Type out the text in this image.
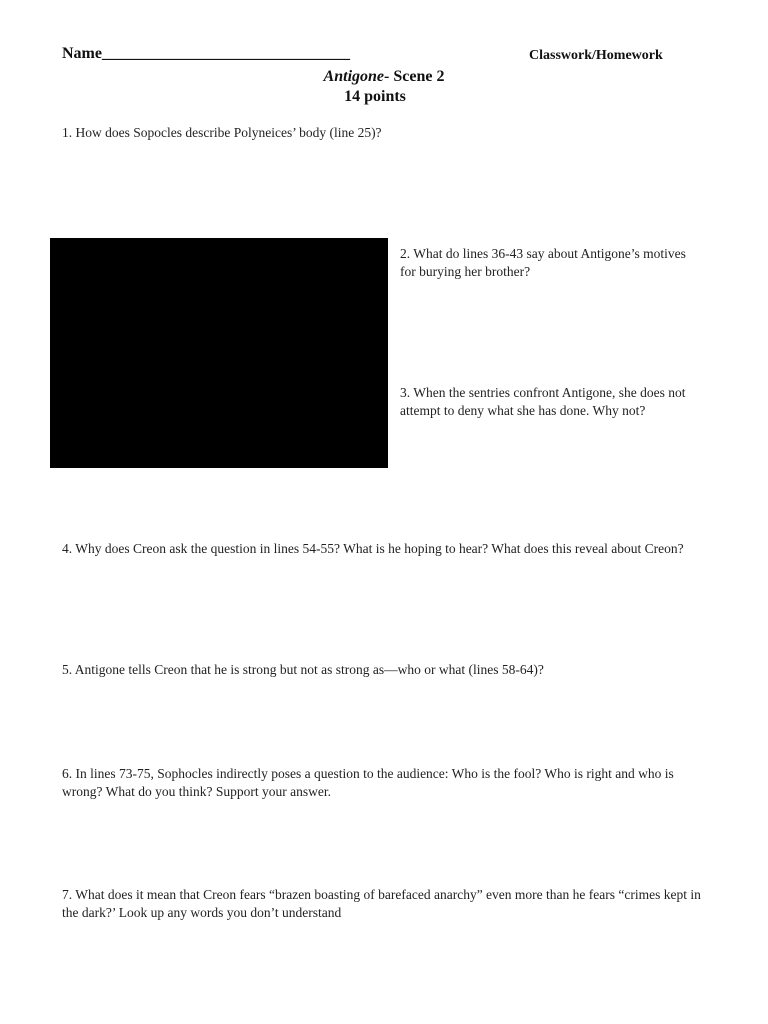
Name_______________________________	Classwork/Homework
Antigone- Scene 2
14 points
1. How does Sopocles describe Polyneices’ body (line 25)?
2. What do lines 36-43 say about Antigone’s motives for burying her brother?
3. When the sentries confront Antigone, she does not attempt to deny what she has done. Why not?
4. Why does Creon ask the question in lines 54-55? What is he hoping to hear? What does this reveal about Creon?
5. Antigone tells Creon that he is strong but not as strong as—who or what (lines 58-64)?
6. In lines 73-75, Sophocles indirectly poses a question to the audience: Who is the fool? Who is right and who is wrong? What do you think? Support your answer.
7. What does it mean that Creon fears “brazen boasting of barefaced anarchy” even more than he fears “crimes kept in the dark?’ Look up any words you don’t understand
